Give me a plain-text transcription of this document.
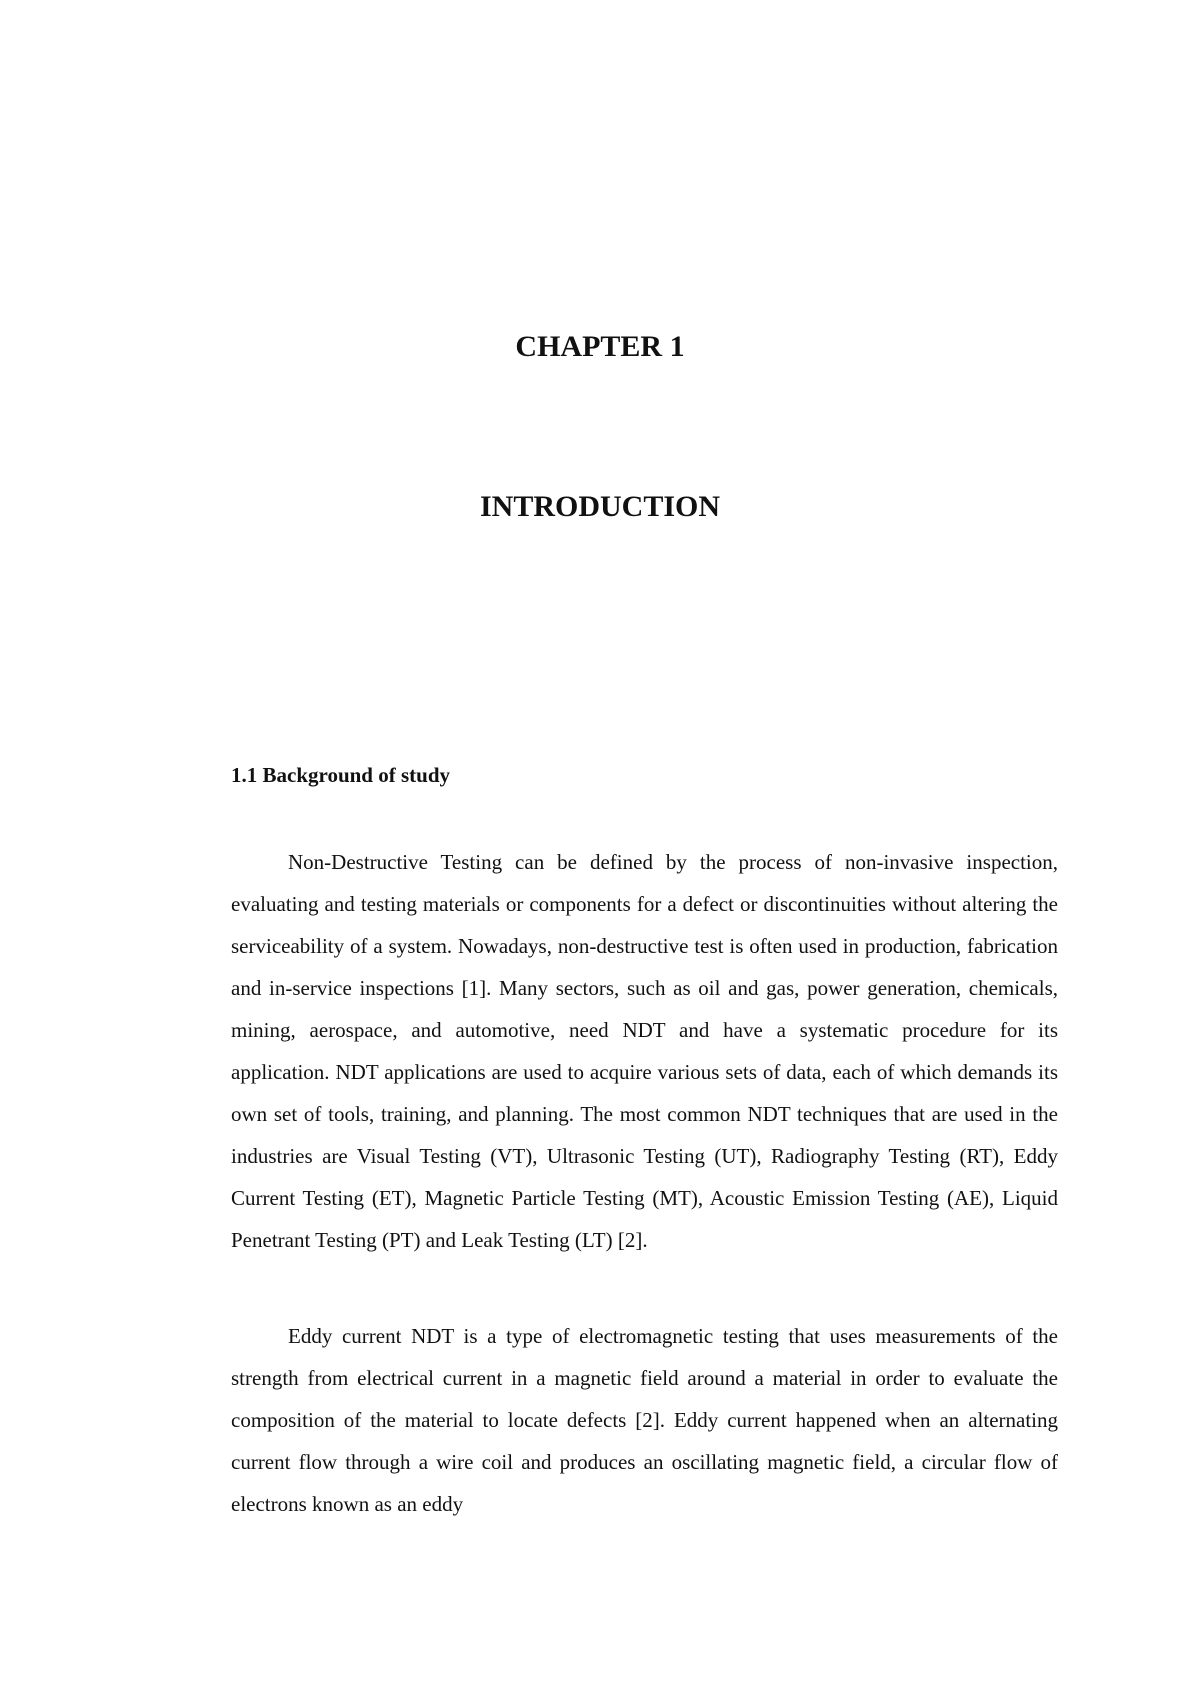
CHAPTER 1
INTRODUCTION
1.1 Background of study

Non-Destructive Testing can be defined by the process of non-invasive inspection, evaluating and testing materials or components for a defect or discontinuities without altering the serviceability of a system. Nowadays, non-destructive test is often used in production, fabrication and in-service inspections [1]. Many sectors, such as oil and gas, power generation, chemicals, mining, aerospace, and automotive, need NDT and have a systematic procedure for its application. NDT applications are used to acquire various sets of data, each of which demands its own set of tools, training, and planning. The most common NDT techniques that are used in the industries are Visual Testing (VT), Ultrasonic Testing (UT), Radiography Testing (RT), Eddy Current Testing (ET), Magnetic Particle Testing (MT), Acoustic Emission Testing (AE), Liquid Penetrant Testing (PT) and Leak Testing (LT) [2].

Eddy current NDT is a type of electromagnetic testing that uses measurements of the strength from electrical current in a magnetic field around a material in order to evaluate the composition of the material to locate defects [2]. Eddy current happened when an alternating current flow through a wire coil and produces an oscillating magnetic field, a circular flow of electrons known as an eddy
